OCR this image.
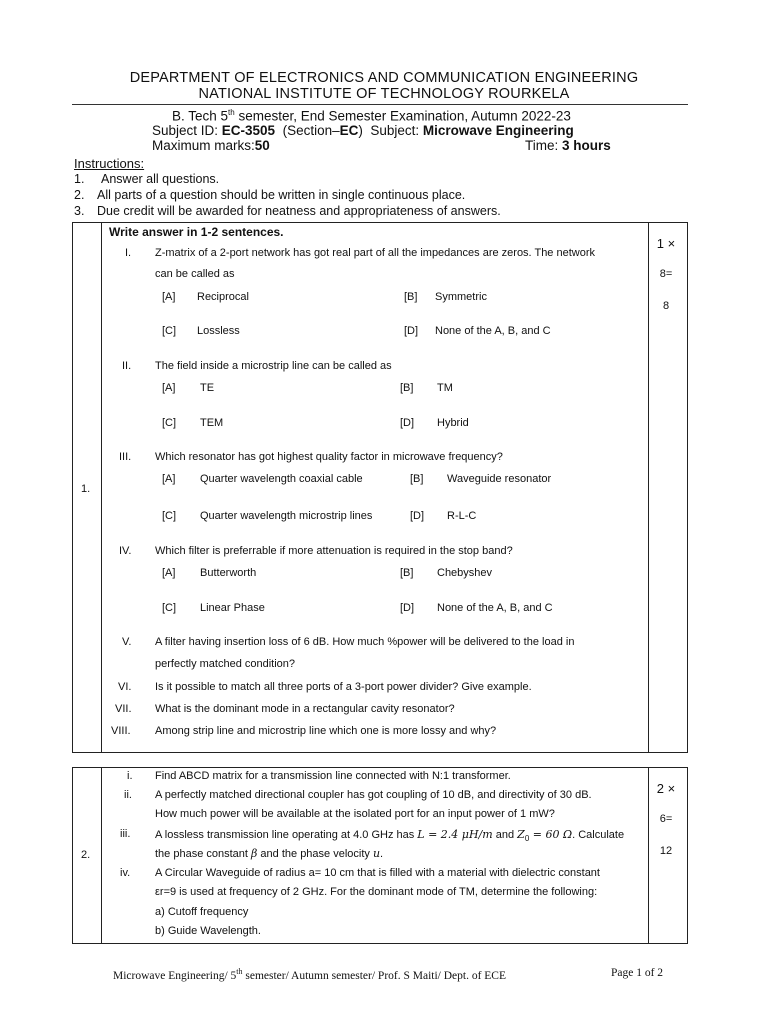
DEPARTMENT OF ELECTRONICS AND COMMUNICATION ENGINEERING
NATIONAL INSTITUTE OF TECHNOLOGY ROURKELA
B. Tech 5th semester, End Semester Examination, Autumn 2022-23
Subject ID: EC-3505  (Section–EC)  Subject: Microwave Engineering
Maximum marks:50	Time: 3 hours
Instructions:
1. Answer all questions.
2. All parts of a question should be written in single continuous place.
3. Due credit will be awarded for neatness and appropriateness of answers.
1.
Write answer in 1-2 sentences.
1 ×
8=
8
I. Z-matrix of a 2-port network has got real part of all the impedances are zeros. The network
can be called as
[A] Reciprocal	[B] Symmetric
[C] Lossless	[D] None of the A, B, and C
II. The field inside a microstrip line can be called as
[A] TE	[B] TM
[C] TEM	[D] Hybrid
III. Which resonator has got highest quality factor in microwave frequency?
[A] Quarter wavelength coaxial cable	[B] Waveguide resonator
[C] Quarter wavelength microstrip lines	[D] R-L-C
IV. Which filter is preferrable if more attenuation is required in the stop band?
[A] Butterworth	[B] Chebyshev
[C] Linear Phase	[D] None of the A, B, and C
V. A filter having insertion loss of 6 dB. How much %power will be delivered to the load in
perfectly matched condition?
VI. Is it possible to match all three ports of a 3-port power divider? Give example.
VII. What is the dominant mode in a rectangular cavity resonator?
VIII. Among strip line and microstrip line which one is more lossy and why?
2.
2 ×
6=
12
i. Find ABCD matrix for a transmission line connected with N:1 transformer.
ii. A perfectly matched directional coupler has got coupling of 10 dB, and directivity of 30 dB.
How much power will be available at the isolated port for an input power of 1 mW?
iii. A lossless transmission line operating at 4.0 GHz has L = 2.4 μH/m and $Z_0 = 60$ Ω. Calculate
the phase constant β and the phase velocity u.
iv. A Circular Waveguide of radius a= 10 cm that is filled with a material with dielectric constant
εr=9 is used at frequency of 2 GHz. For the dominant mode of TM, determine the following:
a) Cutoff frequency
b) Guide Wavelength.
Microwave Engineering/ 5th semester/ Autumn semester/ Prof. S Maiti/ Dept. of ECE	Page 1 of 2
